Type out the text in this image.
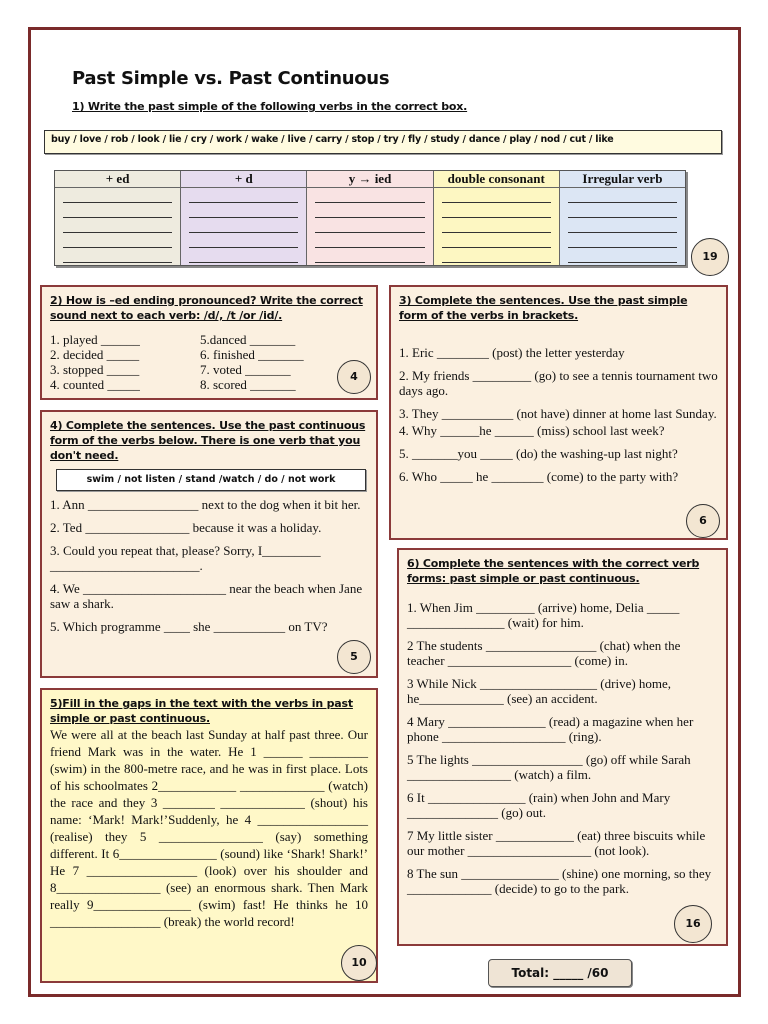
Past Simple vs. Past Continuous
1) Write the past simple of the following verbs in the correct box.
buy / love / rob / look / lie / cry / work / wake / live / carry / stop / try / fly / study / dance / play / nod / cut / like
+ ed	+ d	y → ied	double consonant	Irregular verb
19
2) How is –ed ending pronounced? Write the correct sound next to each verb: /d/, /t /or /id/.
1. played ______	5.danced _______
2. decided _____	6. finished _______
3. stopped _____	7. voted _______
4. counted _____	8. scored _______
4
3) Complete the sentences. Use the past simple form of the verbs in brackets.
1. Eric ________ (post) the letter yesterday
2. My friends _________ (go) to see a tennis tournament two days ago.
3. They ___________ (not have) dinner at home last Sunday.
4. Why ______he ______ (miss) school last week?
5. _______you _____ (do) the washing-up last night?
6. Who _____ he ________ (come) to the party with?
6
4) Complete the sentences. Use the past continuous form of the verbs below. There is one verb that you don't need.
swim / not listen / stand /watch / do / not work
1. Ann _________________ next to the dog when it bit her.
2. Ted ________________ because it was a holiday.
3. Could you repeat that, please? Sorry, I_________ _______________________.
4. We ______________________ near the beach when Jane saw a shark.
5. Which programme ____ she ___________ on TV?
5
5)Fill in the gaps in the text with the verbs in past simple or past continuous.
We were all at the beach last Sunday at half past three. Our friend Mark was in the water. He 1 ______ _________ (swim) in the 800-metre race, and he was in first place. Lots of his schoolmates 2____________ _____________ (watch) the race and they 3 ________ _____________ (shout) his name: ‘Mark! Mark!’Suddenly, he 4 _________________ (realise) they 5 ________________ (say) something different. It 6_______________ (sound) like ‘Shark! Shark!’ He 7 _________________ (look) over his shoulder and 8________________ (see) an enormous shark. Then Mark really 9_______________ (swim) fast! He thinks he 10 _________________ (break) the world record!
10
6) Complete the sentences with the correct verb forms: past simple or past continuous.
1. When Jim _________ (arrive) home, Delia _____ _______________ (wait) for him.
2 The students _________________ (chat) when the teacher ___________________ (come) in.
3 While Nick __________________ (drive) home, he_____________ (see) an accident.
4 Mary _______________ (read) a magazine when her phone ___________________ (ring).
5 The lights _________________ (go) off while Sarah ________________ (watch) a film.
6 It _______________ (rain) when John and Mary ______________ (go) out.
7 My little sister ____________ (eat) three biscuits while our mother ___________________ (not look).
8 The sun _______________ (shine) one morning, so they _____________ (decide) to go to the park.
16
Total: _____ /60
